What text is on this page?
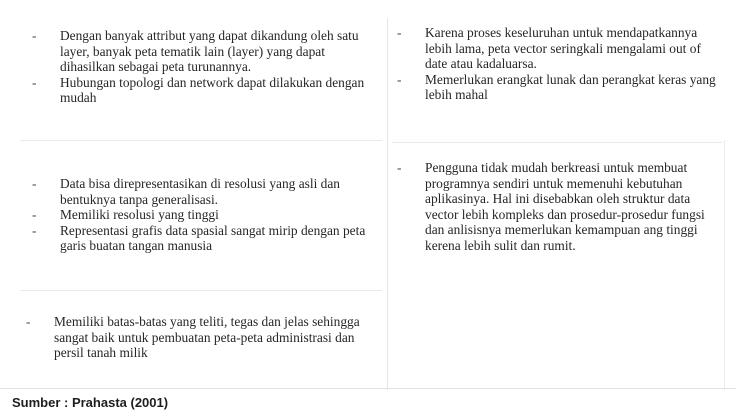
-	Dengan banyak attribut yang dapat dikandung oleh satu layer, banyak peta tematik lain (layer) yang dapat dihasilkan sebagai peta turunannya.
-	Hubungan topologi dan network dapat dilakukan dengan mudah
-	Data bisa direpresentasikan di resolusi yang asli dan bentuknya tanpa generalisasi.
-	Memiliki resolusi yang tinggi
-	Representasi grafis data spasial sangat mirip dengan peta garis buatan tangan manusia
-	Memiliki batas-batas yang teliti, tegas dan jelas sehingga sangat baik untuk pembuatan peta-peta administrasi dan persil tanah milik
-	Karena proses keseluruhan untuk mendapatkannya lebih lama, peta vector seringkali mengalami out of date atau kadaluarsa.
-	Memerlukan erangkat lunak dan perangkat keras yang lebih mahal
-	Pengguna tidak mudah berkreasi untuk membuat programnya sendiri untuk memenuhi kebutuhan aplikasinya. Hal ini disebabkan oleh struktur data vector lebih kompleks dan prosedur-prosedur fungsi dan anlisisnya memerlukan kemampuan ang tinggi kerena lebih sulit dan rumit.
Sumber : Prahasta (2001)
